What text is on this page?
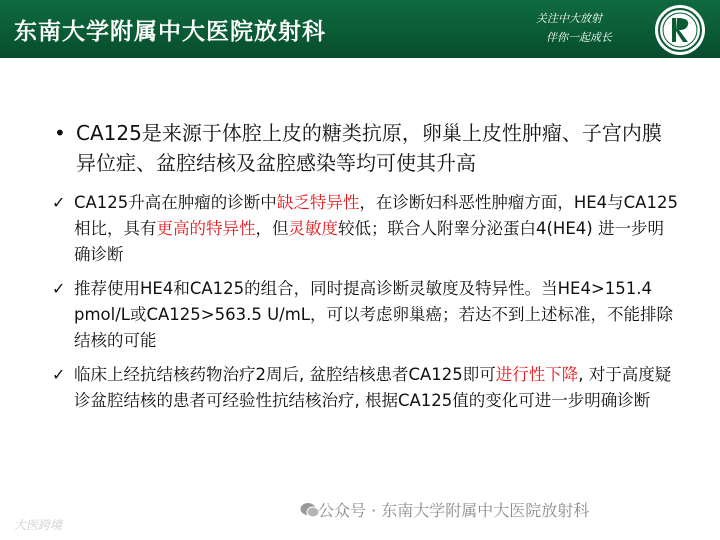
东南大学附属中大医院放射科	关注中大放射
伴你一起成长
• CA125是来源于体腔上皮的糖类抗原，卵巢上皮性肿瘤、子宫内膜异位症、盆腔结核及盆腔感染等均可使其升高
✓ CA125升高在肿瘤的诊断中缺乏特异性，在诊断妇科恶性肿瘤方面，HE4与CA125相比，具有更高的特异性，但灵敏度较低；联合人附睾分泌蛋白4(HE4) 进一步明确诊断
✓ 推荐使用HE4和CA125的组合，同时提高诊断灵敏度及特异性。当HE4>151.4 pmol/L或CA125>563.5 U/mL，可以考虑卵巢癌；若达不到上述标准，不能排除结核的可能
✓ 临床上经抗结核药物治疗2周后, 盆腔结核患者CA125即可进行性下降, 对于高度疑诊盆腔结核的患者可经验性抗结核治疗, 根据CA125值的变化可进一步明确诊断
公众号 · 东南大学附属中大医院放射科
大医跨境
